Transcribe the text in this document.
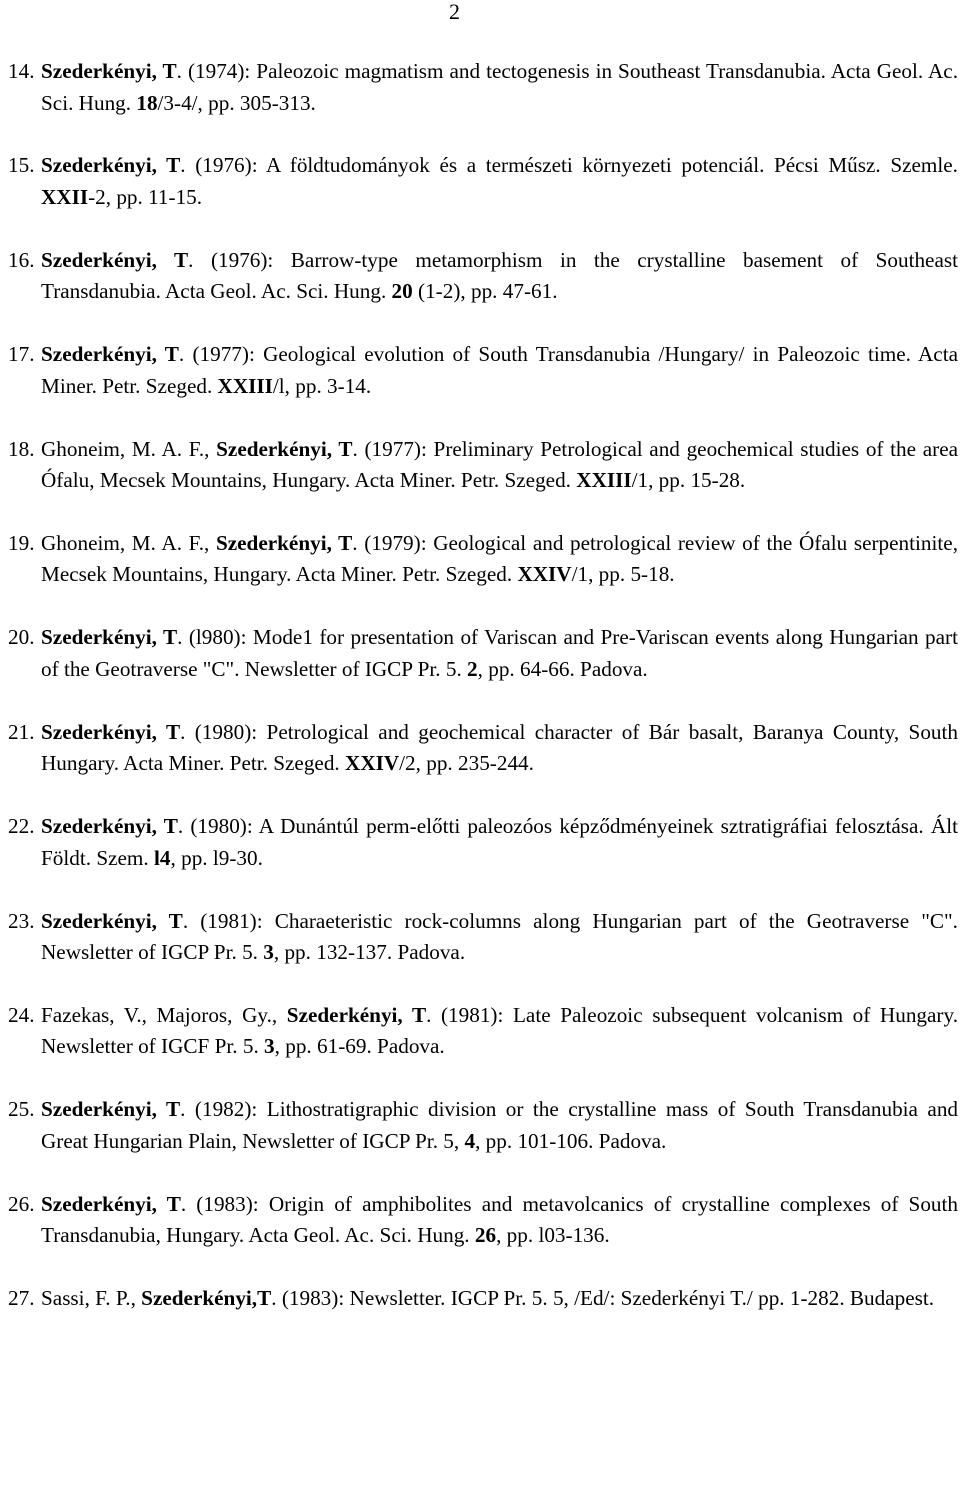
2
14. Szederkényi, T. (1974): Paleozoic magmatism and tectogenesis in Southeast Transdanubia. Acta Geol. Ac. Sci. Hung. 18/3-4/, pp. 305-313.
15. Szederkényi, T. (1976): A földtudományok és a természeti környezeti potenciál. Pécsi Műsz. Szemle. XXII-2, pp. 11-15.
16. Szederkényi, T. (1976): Barrow-type metamorphism in the crystalline basement of Southeast Transdanubia. Acta Geol. Ac. Sci. Hung. 20 (1-2), pp. 47-61.
17. Szederkényi, T. (1977): Geological evolution of South Transdanubia /Hungary/ in Paleozoic time. Acta Miner. Petr. Szeged. XXIII/l, pp. 3-14.
18. Ghoneim, M. A. F., Szederkényi, T. (1977): Preliminary Petrological and geochemical studies of the area Ófalu, Mecsek Mountains, Hungary. Acta Miner. Petr. Szeged. XXIII/1, pp. 15-28.
19. Ghoneim, M. A. F., Szederkényi, T. (1979): Geological and petrological review of the Ófalu serpentinite, Mecsek Mountains, Hungary. Acta Miner. Petr. Szeged. XXIV/1, pp. 5-18.
20. Szederkényi, T. (l980): Mode1 for presentation of Variscan and Pre-Variscan events along Hungarian part of the Geotraverse "C". Newsletter of IGCP Pr. 5. 2, pp. 64-66. Padova.
21. Szederkényi, T. (1980): Petrological and geochemical character of Bár basalt, Baranya County, South Hungary. Acta Miner. Petr. Szeged. XXIV/2, pp. 235-244.
22. Szederkényi, T. (1980): A Dunántúl perm-előtti paleozóos képződményeinek sztratigráfiai felosztása. Ált Földt. Szem. l4, pp. l9-30.
23. Szederkényi, T. (1981): Charaeteristic rock-columns along Hungarian part of the Geotraverse "C". Newsletter of IGCP Pr. 5. 3, pp. 132-137. Padova.
24. Fazekas, V., Majoros, Gy., Szederkényi, T. (1981): Late Paleozoic subsequent volcanism of Hungary. Newsletter of IGCF Pr. 5. 3, pp. 61-69. Padova.
25. Szederkényi, T. (1982): Lithostratigraphic division or the crystalline mass of South Transdanubia and Great Hungarian Plain, Newsletter of IGCP Pr. 5, 4, pp. 101-106. Padova.
26. Szederkényi, T. (1983): Origin of amphibolites and metavolcanics of crystalline complexes of South Transdanubia, Hungary. Acta Geol. Ac. Sci. Hung. 26, pp. l03-136.
27. Sassi, F. P., Szederkényi,T. (1983): Newsletter. IGCP Pr. 5. 5, /Ed/: Szederkényi T./ pp. 1-282. Budapest.
